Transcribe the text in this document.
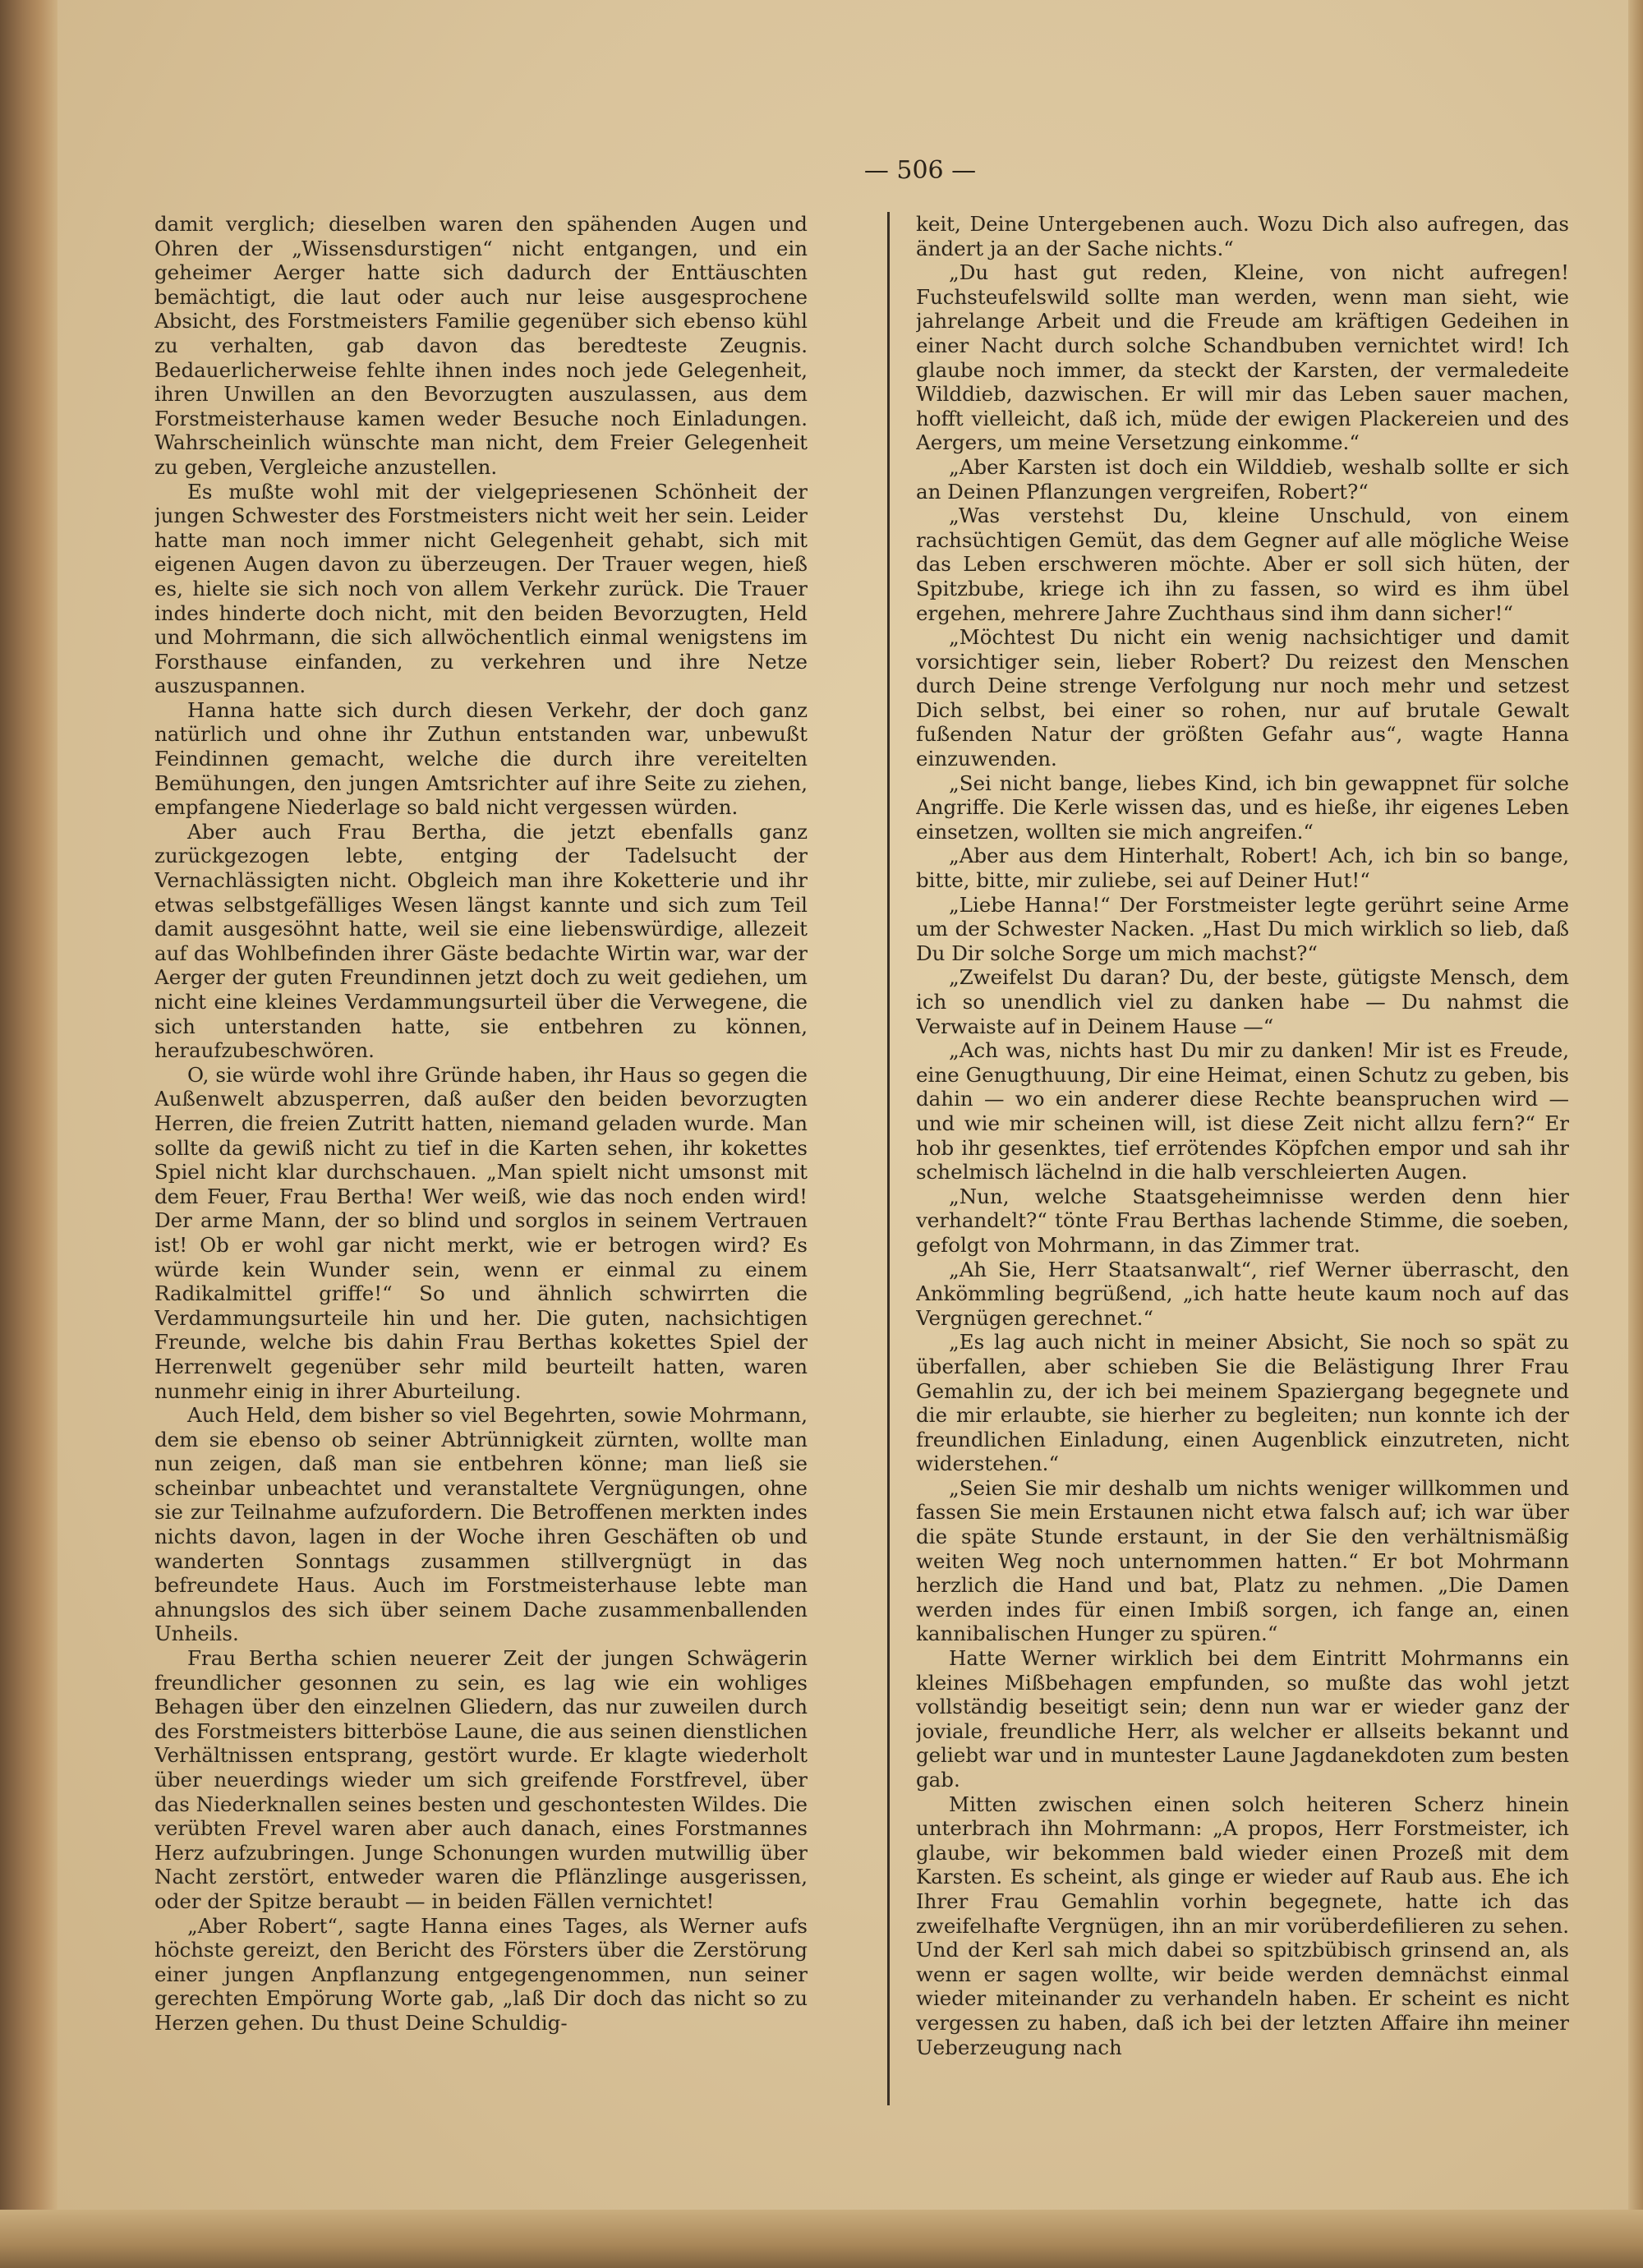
— 506 —

damit verglich; dieselben waren den spähenden Augen und Ohren der „Wissensdurstigen“ nicht entgangen, und ein geheimer Aerger hatte sich dadurch der Enttäuschten bemächtigt, die laut oder auch nur leise ausgesprochene Absicht, des Forstmeisters Familie gegenüber sich ebenso kühl zu verhalten, gab davon das beredteste Zeugnis. Bedauerlicherweise fehlte ihnen indes noch jede Gelegenheit, ihren Unwillen an den Bevorzugten auszulassen, aus dem Forstmeisterhause kamen weder Besuche noch Einladungen. Wahrscheinlich wünschte man nicht, dem Freier Gelegenheit zu geben, Vergleiche anzustellen.

Es mußte wohl mit der vielgepriesenen Schönheit der jungen Schwester des Forstmeisters nicht weit her sein. Leider hatte man noch immer nicht Gelegenheit gehabt, sich mit eigenen Augen davon zu überzeugen. Der Trauer wegen, hieß es, hielte sie sich noch von allem Verkehr zurück. Die Trauer indes hinderte doch nicht, mit den beiden Bevorzugten, Held und Mohrmann, die sich allwöchentlich einmal wenigstens im Forsthause einfanden, zu verkehren und ihre Netze auszuspannen.

Hanna hatte sich durch diesen Verkehr, der doch ganz natürlich und ohne ihr Zuthun entstanden war, unbewußt Feindinnen gemacht, welche die durch ihre vereitelten Bemühungen, den jungen Amtsrichter auf ihre Seite zu ziehen, empfangene Niederlage so bald nicht vergessen würden.

Aber auch Frau Bertha, die jetzt ebenfalls ganz zurückgezogen lebte, entging der Tadelsucht der Vernachlässigten nicht. Obgleich man ihre Koketterie und ihr etwas selbstgefälliges Wesen längst kannte und sich zum Teil damit ausgesöhnt hatte, weil sie eine liebenswürdige, allezeit auf das Wohlbefinden ihrer Gäste bedachte Wirtin war, war der Aerger der guten Freundinnen jetzt doch zu weit gediehen, um nicht eine kleines Verdammungsurteil über die Verwegene, die sich unterstanden hatte, sie entbehren zu können, heraufzubeschwören.

O, sie würde wohl ihre Gründe haben, ihr Haus so gegen die Außenwelt abzusperren, daß außer den beiden bevorzugten Herren, die freien Zutritt hatten, niemand geladen wurde. Man sollte da gewiß nicht zu tief in die Karten sehen, ihr kokettes Spiel nicht klar durchschauen. „Man spielt nicht umsonst mit dem Feuer, Frau Bertha! Wer weiß, wie das noch enden wird! Der arme Mann, der so blind und sorglos in seinem Vertrauen ist! Ob er wohl gar nicht merkt, wie er betrogen wird? Es würde kein Wunder sein, wenn er einmal zu einem Radikalmittel griffe!“ So und ähnlich schwirrten die Verdammungsurteile hin und her. Die guten, nachsichtigen Freunde, welche bis dahin Frau Berthas kokettes Spiel der Herrenwelt gegenüber sehr mild beurteilt hatten, waren nunmehr einig in ihrer Aburteilung.

Auch Held, dem bisher so viel Begehrten, sowie Mohrmann, dem sie ebenso ob seiner Abtrünnigkeit zürnten, wollte man nun zeigen, daß man sie entbehren könne; man ließ sie scheinbar unbeachtet und veranstaltete Vergnügungen, ohne sie zur Teilnahme aufzufordern. Die Betroffenen merkten indes nichts davon, lagen in der Woche ihren Geschäften ob und wanderten Sonntags zusammen stillvergnügt in das befreundete Haus. Auch im Forstmeisterhause lebte man ahnungslos des sich über seinem Dache zusammenballenden Unheils.

Frau Bertha schien neuerer Zeit der jungen Schwägerin freundlicher gesonnen zu sein, es lag wie ein wohliges Behagen über den einzelnen Gliedern, das nur zuweilen durch des Forstmeisters bitterböse Laune, die aus seinen dienstlichen Verhältnissen entsprang, gestört wurde. Er klagte wiederholt über neuerdings wieder um sich greifende Forstfrevel, über das Niederknallen seines besten und geschontesten Wildes. Die verübten Frevel waren aber auch danach, eines Forstmannes Herz aufzubringen. Junge Schonungen wurden mutwillig über Nacht zerstört, entweder waren die Pflänzlinge ausgerissen, oder der Spitze beraubt — in beiden Fällen vernichtet!

„Aber Robert“, sagte Hanna eines Tages, als Werner aufs höchste gereizt, den Bericht des Försters über die Zerstörung einer jungen Anpflanzung entgegengenommen, nun seiner gerechten Empörung Worte gab, „laß Dir doch das nicht so zu Herzen gehen. Du thust Deine Schuldig-

keit, Deine Untergebenen auch. Wozu Dich also aufregen, das ändert ja an der Sache nichts.“

„Du hast gut reden, Kleine, von nicht aufregen! Fuchsteufelswild sollte man werden, wenn man sieht, wie jahrelange Arbeit und die Freude am kräftigen Gedeihen in einer Nacht durch solche Schandbuben vernichtet wird! Ich glaube noch immer, da steckt der Karsten, der vermaledeite Wilddieb, dazwischen. Er will mir das Leben sauer machen, hofft vielleicht, daß ich, müde der ewigen Plackereien und des Aergers, um meine Versetzung einkomme.“

„Aber Karsten ist doch ein Wilddieb, weshalb sollte er sich an Deinen Pflanzungen vergreifen, Robert?“

„Was verstehst Du, kleine Unschuld, von einem rachsüchtigen Gemüt, das dem Gegner auf alle mögliche Weise das Leben erschweren möchte. Aber er soll sich hüten, der Spitzbube, kriege ich ihn zu fassen, so wird es ihm übel ergehen, mehrere Jahre Zuchthaus sind ihm dann sicher!“

„Möchtest Du nicht ein wenig nachsichtiger und damit vorsichtiger sein, lieber Robert? Du reizest den Menschen durch Deine strenge Verfolgung nur noch mehr und setzest Dich selbst, bei einer so rohen, nur auf brutale Gewalt fußenden Natur der größten Gefahr aus“, wagte Hanna einzuwenden.

„Sei nicht bange, liebes Kind, ich bin gewappnet für solche Angriffe. Die Kerle wissen das, und es hieße, ihr eigenes Leben einsetzen, wollten sie mich angreifen.“

„Aber aus dem Hinterhalt, Robert! Ach, ich bin so bange, bitte, bitte, mir zuliebe, sei auf Deiner Hut!“

„Liebe Hanna!“ Der Forstmeister legte gerührt seine Arme um der Schwester Nacken. „Hast Du mich wirklich so lieb, daß Du Dir solche Sorge um mich machst?“

„Zweifelst Du daran? Du, der beste, gütigste Mensch, dem ich so unendlich viel zu danken habe — Du nahmst die Verwaiste auf in Deinem Hause —“

„Ach was, nichts hast Du mir zu danken! Mir ist es Freude, eine Genugthuung, Dir eine Heimat, einen Schutz zu geben, bis dahin — wo ein anderer diese Rechte beanspruchen wird — und wie mir scheinen will, ist diese Zeit nicht allzu fern?“ Er hob ihr gesenktes, tief errötendes Köpfchen empor und sah ihr schelmisch lächelnd in die halb verschleierten Augen.

„Nun, welche Staatsgeheimnisse werden denn hier verhandelt?“ tönte Frau Berthas lachende Stimme, die soeben, gefolgt von Mohrmann, in das Zimmer trat.

„Ah Sie, Herr Staatsanwalt“, rief Werner überrascht, den Ankömmling begrüßend, „ich hatte heute kaum noch auf das Vergnügen gerechnet.“

„Es lag auch nicht in meiner Absicht, Sie noch so spät zu überfallen, aber schieben Sie die Belästigung Ihrer Frau Gemahlin zu, der ich bei meinem Spaziergang begegnete und die mir erlaubte, sie hierher zu begleiten; nun konnte ich der freundlichen Einladung, einen Augenblick einzutreten, nicht widerstehen.“

„Seien Sie mir deshalb um nichts weniger willkommen und fassen Sie mein Erstaunen nicht etwa falsch auf; ich war über die späte Stunde erstaunt, in der Sie den verhältnismäßig weiten Weg noch unternommen hatten.“ Er bot Mohrmann herzlich die Hand und bat, Platz zu nehmen. „Die Damen werden indes für einen Imbiß sorgen, ich fange an, einen kannibalischen Hunger zu spüren.“

Hatte Werner wirklich bei dem Eintritt Mohrmanns ein kleines Mißbehagen empfunden, so mußte das wohl jetzt vollständig beseitigt sein; denn nun war er wieder ganz der joviale, freundliche Herr, als welcher er allseits bekannt und geliebt war und in muntester Laune Jagdanekdoten zum besten gab.

Mitten zwischen einen solch heiteren Scherz hinein unterbrach ihn Mohrmann: „A propos, Herr Forstmeister, ich glaube, wir bekommen bald wieder einen Prozeß mit dem Karsten. Es scheint, als ginge er wieder auf Raub aus. Ehe ich Ihrer Frau Gemahlin vorhin begegnete, hatte ich das zweifelhafte Vergnügen, ihn an mir vorüberdefilieren zu sehen. Und der Kerl sah mich dabei so spitzbübisch grinsend an, als wenn er sagen wollte, wir beide werden demnächst einmal wieder miteinander zu verhandeln haben. Er scheint es nicht vergessen zu haben, daß ich bei der letzten Affaire ihn meiner Ueberzeugung nach
